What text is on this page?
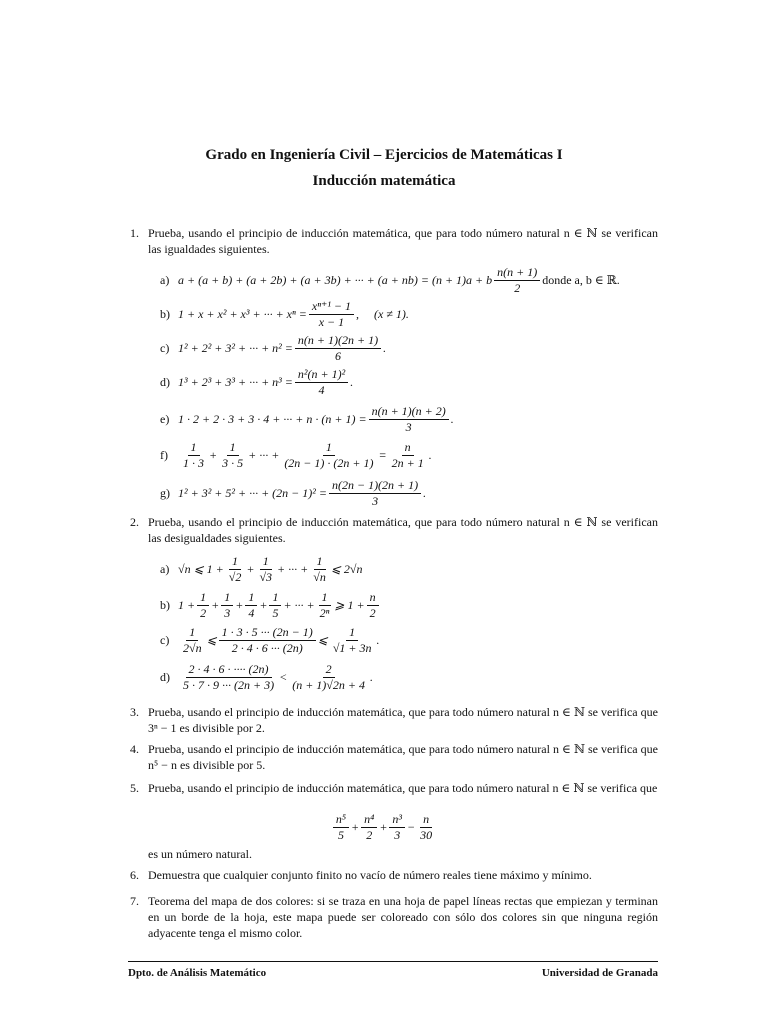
Grado en Ingeniería Civil – Ejercicios de Matemáticas I
Inducción matemática
1. Prueba, usando el principio de inducción matemática, que para todo número natural n ∈ ℕ se verifican las igualdades siguientes.
a) a + (a + b) + (a + 2b) + (a + 3b) + ··· + (a + nb) = (n + 1)a + b $\frac{n(n + 1)}{2}$ donde a, b ∈ ℝ.
b) 1 + x + x² + x³ + ··· + $x^n = \frac{\text{xⁿ⁺¹ − 1}}{x - 1}$ ,     (x ≠ 1).
c) 1² + 2² + 3² + ··· + $n^2 = \frac{n(n + 1)(2n + 1)}{6}$ .
d) 1³ + 2³ + 3³ + ··· + $n^3 = \frac{\text{n²(n + 1)²}}{4}$ .
e) 1 · 2 + 2 · 3 + 3 · 4 + ··· + $n \cdot (n + 1) = \frac{n(n + 1)(n + 2)}{3}$ .
f)	$\frac{1}{1 \cdot 3} + \frac{1}{3 \cdot 5}$ + ··· + $\frac{1}{(2n - 1) \cdot (2n + 1)} = \frac{n}{2n + 1}$ .
g) 1² + 3² + 5² + ··· + $(2n - 1)^2 = \frac{n(2n - 1)(2n + 1)}{3}$ .
2. Prueba, usando el principio de inducción matemática, que para todo número natural n ∈ ℕ se verifican las desigualdades siguientes.
a) √n ⩽ $1 + \frac{1}{√2} + \frac{1}{√3}$ + ··· + $\frac{1}{√n}$ ⩽ 2√n
b) $1 + \frac{1}{2} + \frac{1}{3} + \frac{1}{4} + \frac{1}{5}$ + ··· + $\frac{1}{\text{2ⁿ}}$ ⩾ $1 + \frac{n}{2}$
$c) \frac{1}{2√n}$ ⩽ $\frac{1 \cdot 3 \cdot 5 \cdot\cdot\cdot (2n - 1)}{2 \cdot 4 \cdot 6 \cdot\cdot\cdot (2n)}$ ⩽ $\frac{1}{√1 + 3n}$ .
$d) \frac{2 \cdot 4 \cdot 6 \cdot \cdot\cdot\cdot\cdot (2n)}{5 \cdot 7 \cdot 9 \cdot\cdot\cdot (2n + 3)} < \frac{2}{(n + 1)√2n + 4}$ .
3. Prueba, usando el principio de inducción matemática, que para todo número natural n ∈ ℕ se verifica que 3ⁿ − 1 es divisible por 2.
4. Prueba, usando el principio de inducción matemática, que para todo número natural n ∈ ℕ se verifica que n⁵ − n es divisible por 5.
5. Prueba, usando el principio de inducción matemática, que para todo número natural n ∈ ℕ se verifica que
$\frac{\text{n⁵}}{5} + \frac{\text{n⁴}}{2} + \frac{\text{n³}}{3} - \frac{n}{30}$
es un número natural.
6. Demuestra que cualquier conjunto finito no vacío de número reales tiene máximo y mínimo.
7. Teorema del mapa de dos colores: si se traza en una hoja de papel líneas rectas que empiezan y terminan en un borde de la hoja, este mapa puede ser coloreado con sólo dos colores sin que ninguna región adyacente tenga el mismo color.
Dpto. de Análisis Matemático	Universidad de Granada
